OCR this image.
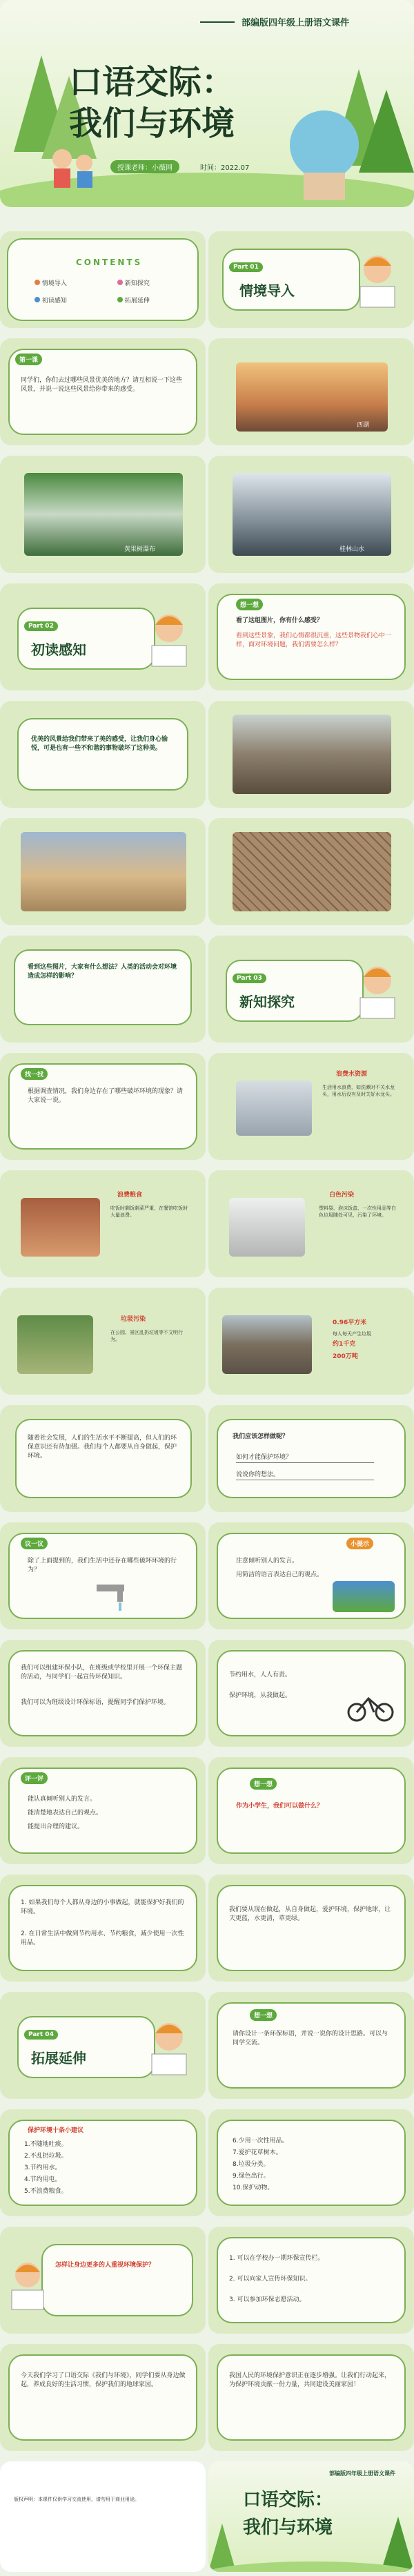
部编版四年级上册语文课件
口语交际：
我们与环境
授课老师：小薇网	时间：2022.07
CONTENTS
情境导入	新知探究
初读感知	拓展延伸
Part 01
情境导入
第一课
同学们，你们去过哪些风景优美的地方？请互相说一下这些风景，并说一说这些风景给你带来的感受。
西湖
黄果树瀑布	桂林山水
Part 02
初读感知
想一想
看了这组图片，你有什么感受？
看到这些景象，我们心情都很沉重，这些景物我们心中一样，面对环境问题，我们需要怎么样？
优美的风景给我们带来了美的感受，让我们身心愉悦，可是也有一些不和谐的事物破坏了这种美。
看到这些图片，大家有什么想法？人类的活动会对环境造成怎样的影响？	Part 03
新知探究
找一找
根据调查情况，我们身边存在了哪些破坏环境的现象？请大家说一说。
浪费水资源
生活用水浪费，如洗漱时不关水龙头，用水后没有及时关好水龙头。
浪费粮食
吃饭时剩饭剩菜严重，在餐馆吃饭时大量浪费。
白色污染
塑料袋、泡沫饭盒、一次性用品等白色垃圾随处可见，污染了环境。
垃圾污染
在公园、景区乱扔垃圾等不文明行为。
0.96平方米
每人每天产生垃圾
约1千克
200万吨
随着社会发展，人们的生活水平不断提高，但人们的环保意识还有待加强。我们每个人都要从自身做起，保护环境。
我们应该怎样做呢？
如何才能保护环境？
说说你的想法。
议一议
除了上面提到的，我们生活中还存在哪些破坏环境的行为？
小提示
注意倾听别人的发言。
用简洁的语言表达自己的观点。
我们可以组建环保小队，在班级或学校里开展一个环保主题的活动，与同学们一起宣传环保知识。
我们可以为班级设计环保标语，提醒同学们保护环境。
节约用水，人人有责。
保护环境，从我做起。
评一评
能认真倾听别人的发言。
能清楚地表达自己的观点。
能提出合理的建议。
想一想
作为小学生，我们可以做什么？
1. 如果我们每个人都从身边的小事做起，就能保护好我们的环境。
2. 在日常生活中做到节约用水、节约粮食，减少使用一次性用品。
我们要从现在做起，从自身做起，爱护环境，保护地球，让天更蓝，水更清，草更绿。
Part 04
拓展延伸
想一想
请你设计一条环保标语，并说一说你的设计思路。可以与同学交流。
保护环境十条小建议
1.不随地吐痰。
2.不乱扔垃圾。
3.节约用水。
4.节约用电。
5.不浪费粮食。
6.少用一次性用品。
7.爱护花草树木。
8.垃圾分类。
9.绿色出行。
10.保护动物。
怎样让身边更多的人重视环境保护？
1. 可以在学校办一期环保宣传栏。
2. 可以向家人宣传环保知识。
3. 可以参加环保志愿活动。
今天我们学习了口语交际《我们与环境》，同学们要从身边做起，养成良好的生活习惯，保护我们的地球家园。
我国人民的环境保护意识正在逐步增强。让我们行动起来，为保护环境贡献一份力量，共同建设美丽家园！
版权声明：本课件仅供学习交流使用，请勿用于商业用途。
部编版四年级上册语文课件
口语交际：
我们与环境
